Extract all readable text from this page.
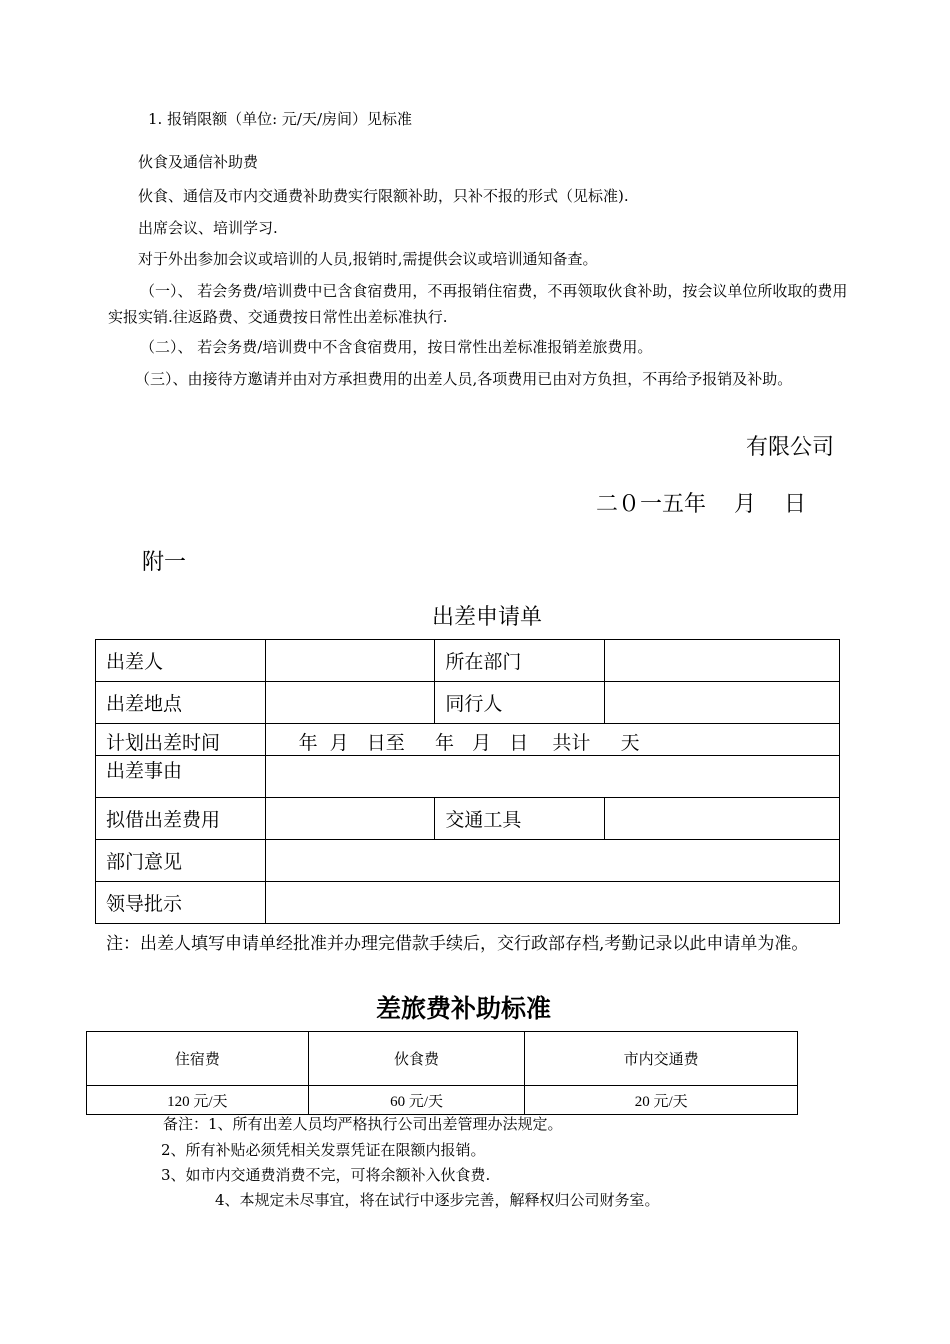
1. 报销限额（单位: 元/天/房间）见标准
伙食及通信补助费
伙食、通信及市内交通费补助费实行限额补助，只补不报的形式（见标准).
出席会议、培训学习.
对于外出参加会议或培训的人员,报销时,需提供会议或培训通知备查。
（一）、 若会务费/培训费中已含食宿费用，不再报销住宿费，不再领取伙食补助，按会议单位所收取的费用实报实销.往返路费、交通费按日常性出差标准执行.
（二）、 若会务费/培训费中不含食宿费用，按日常性出差标准报销差旅费用。
（三）、由接待方邀请并由对方承担费用的出差人员,各项费用已由对方负担，不再给予报销及补助。
有限公司
二０一五年    月    日
附一
出差申请单
出差人		所在部门	
出差地点		同行人	
计划出差时间	年  月   日至     年   月   日    共计     天		
出差事由			
拟借出差费用		交通工具	
部门意见			
领导批示			
注：出差人填写申请单经批准并办理完借款手续后，交行政部存档,考勤记录以此申请单为准。
差旅费补助标准
住宿费	伙食费	市内交通费
120 元/天	60 元/天	20 元/天
备注：1、所有出差人员均严格执行公司出差管理办法规定。
2、所有补贴必须凭相关发票凭证在限额内报销。
3、如市内交通费消费不完，可将余额补入伙食费.
4、本规定未尽事宜，将在试行中逐步完善，解释权归公司财务室。
